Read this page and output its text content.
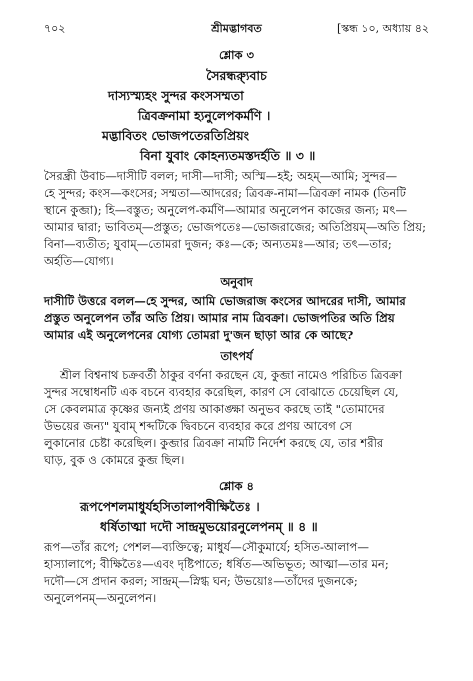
৭০২	শ্রীমদ্ভাগবত	[স্কন্ধ ১০, অধ্যায় ৪২
শ্লোক ৩
সৈরন্ধ্র্যুবাচ
দাস্যস্ম্যহং সুন্দর কংসসম্মতা
ত্রিবক্রনামা হ্যনুলেপকর্মণি ।
মদ্ভাবিতং ভোজপতেরতিপ্রিয়ং
বিনা যুবাং কোহন্যতমস্তদর্হতি ॥ ৩ ॥

সৈরন্ধ্রী উবাচ—দাসীটি বলল; দাসী—দাসী; অস্মি—হই; অহম্—আমি; সুন্দর—

হে সুন্দর; কংস—কংসের; সম্মতা—আদরের; ত্রিবক্র-নামা—ত্রিবক্রা নামক (তিনটি

স্থানে কুব্জা); হি—বস্তুত; অনুলেপ-কর্মণি—আমার অনুলেপন কাজের জন্য; মৎ—

আমার দ্বারা; ভাবিতম্—প্রস্তুত; ভোজপতেঃ—ভোজরাজের; অতিপ্রিয়ম্—অতি প্রিয়;

বিনা—ব্যতীত; যুবাম্—তোমরা দুজন; কঃ—কে; অন্যতমঃ—আর; তৎ—তার;

অর্হতি—যোগ্য।

অনুবাদ
দাসীটি উত্তরে বলল—হে সুন্দর, আমি ভোজরাজ কংসের আদরের দাসী, আমার
প্রস্তুত অনুলেপন তাঁর অতি প্রিয়। আমার নাম ত্রিবক্রা। ভোজপতির অতি প্রিয়
আমার এই অনুলেপনের যোগ্য তোমরা দু'জন ছাড়া আর কে আছে?
তাৎপর্য
শ্রীল বিশ্বনাথ চক্রবর্তী ঠাকুর বর্ণনা করছেন যে, কুব্জা নামেও পরিচিত ত্রিবক্রা
সুন্দর সম্বোধনটি এক বচনে ব্যবহার করেছিল, কারণ সে বোঝাতে চেয়েছিল যে,
সে কেবলমাত্র কৃষ্ণের জন্যই প্রণয় আকাঙ্ক্ষা অনুভব করছে তাই "তোমাদের
উভয়ের জন্য" যুবাম্ শব্দটিকে দ্বিবচনে ব্যবহার করে প্রণয় আবেগ সে
লুকানোর চেষ্টা করেছিল। কুব্জার ত্রিবক্রা নামটি নির্দেশ করছে যে, তার শরীর
ঘাড়, বুক ও কোমরে কুব্জ ছিল।
শ্লোক ৪
রূপপেশলমাধুর্যহসিতালাপবীক্ষিতৈঃ ।
ধর্ষিতাত্মা দদৌ সান্দ্রমুভয়োরনুলেপনম্ ॥ ৪ ॥

রূপ—তাঁর রূপে; পেশল—ব্যক্তিত্বে; মাধুর্য—সৌকুমার্যে; হসিত-আলাপ—

হাস্যালাপে; বীক্ষিতৈঃ—এবং দৃষ্টিপাতে; ধর্ষিত—অভিভূত; আত্মা—তার মন;

দদৌ—সে প্রদান করল; সান্দ্রম্—স্নিগ্ধ ঘন; উভয়োঃ—তাঁদের দুজনকে;

অনুলেপনম্—অনুলেপন।
